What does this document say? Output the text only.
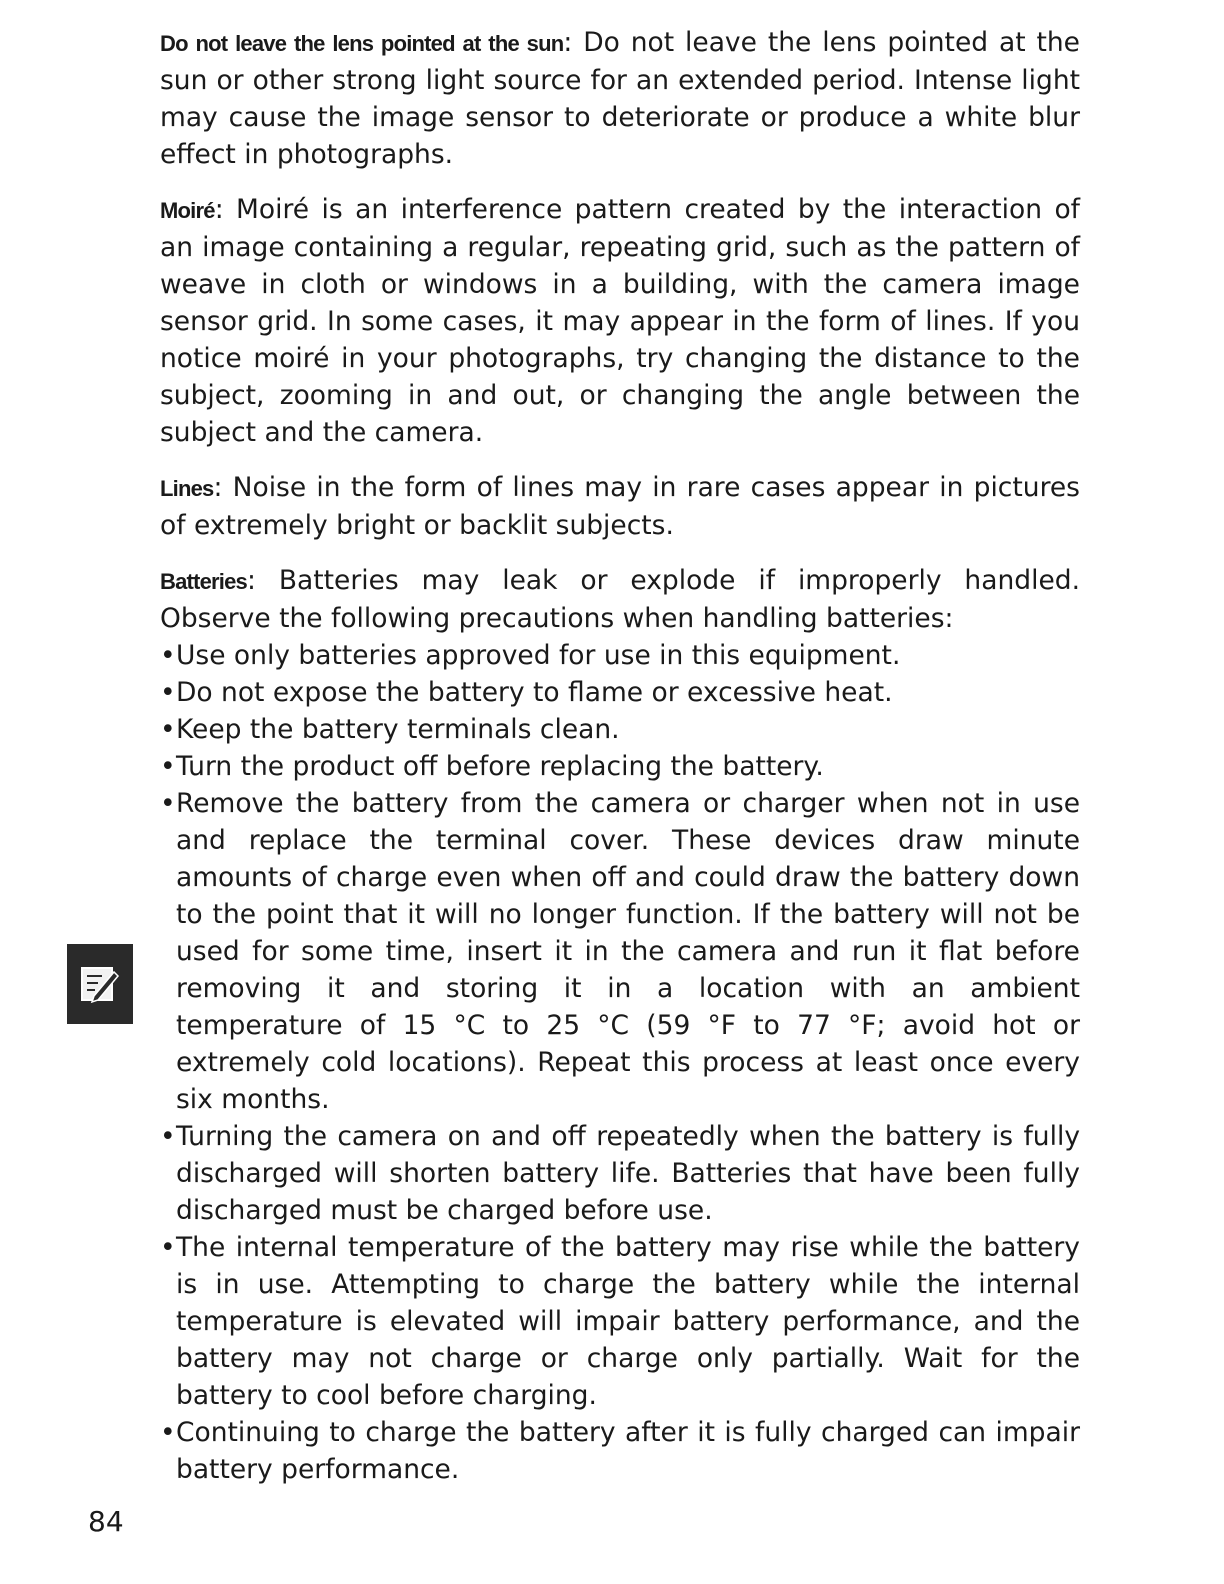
Do not leave the lens pointed at the sun: Do not leave the lens pointed at the sun or other strong light source for an extended period. Intense light may cause the image sensor to deteriorate or produce a white blur effect in photographs.

Moiré: Moiré is an interference pattern created by the interaction of an image containing a regular, repeating grid, such as the pattern of weave in cloth or windows in a building, with the camera image sensor grid. In some cases, it may appear in the form of lines. If you notice moiré in your photographs, try changing the distance to the subject, zooming in and out, or changing the angle between the subject and the camera.

Lines: Noise in the form of lines may in rare cases appear in pictures of extremely bright or backlit subjects.

Batteries: Batteries may leak or explode if improperly handled. Observe the following precautions when handling batteries:

• Use only batteries approved for use in this equipment.
• Do not expose the battery to flame or excessive heat.
• Keep the battery terminals clean.
• Turn the product off before replacing the battery.
• Remove the battery from the camera or charger when not in use and replace the terminal cover. These devices draw minute amounts of charge even when off and could draw the battery down to the point that it will no longer function. If the battery will not be used for some time, insert it in the camera and run it flat before removing it and storing it in a location with an ambient temperature of 15 °C to 25 °C (59 °F to 77 °F; avoid hot or extremely cold locations). Repeat this process at least once every six months.
• Turning the camera on and off repeatedly when the battery is fully discharged will shorten battery life. Batteries that have been fully discharged must be charged before use.
• The internal temperature of the battery may rise while the battery is in use. Attempting to charge the battery while the internal temperature is elevated will impair battery performance, and the battery may not charge or charge only partially. Wait for the battery to cool before charging.
• Continuing to charge the battery after it is fully charged can impair battery performance.
84
